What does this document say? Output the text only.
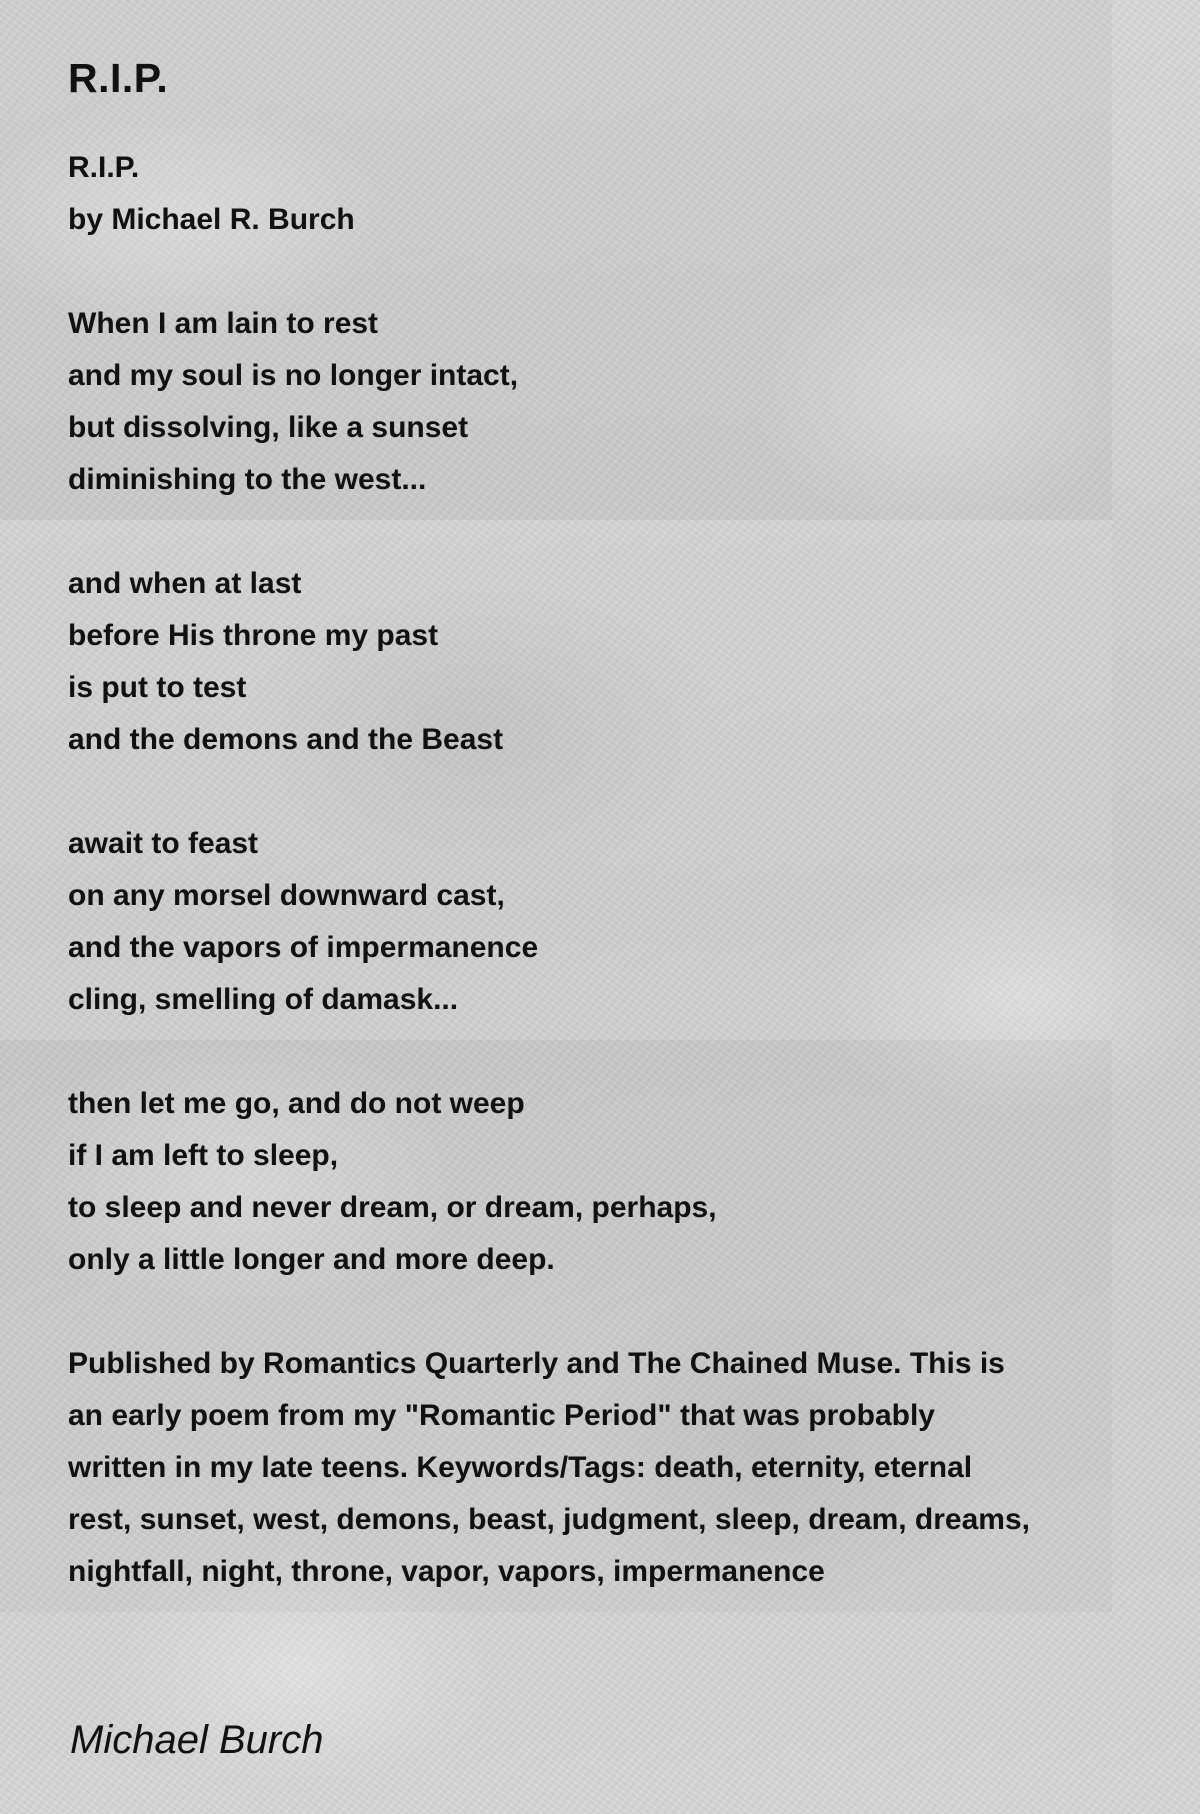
R.I.P.
R.I.P.
by Michael R. Burch
When I am lain to rest
and my soul is no longer intact,
but dissolving, like a sunset
diminishing to the west...
and when at last
before His throne my past
is put to test
and the demons and the Beast
await to feast
on any morsel downward cast,
and the vapors of impermanence
cling, smelling of damask...
then let me go, and do not weep
if I am left to sleep,
to sleep and never dream, or dream, perhaps,
only a little longer and more deep.
Published by Romantics Quarterly and The Chained Muse. This is
an early poem from my "Romantic Period" that was probably
written in my late teens. Keywords/Tags: death, eternity, eternal
rest, sunset, west, demons, beast, judgment, sleep, dream, dreams,
nightfall, night, throne, vapor, vapors, impermanence
Michael Burch
